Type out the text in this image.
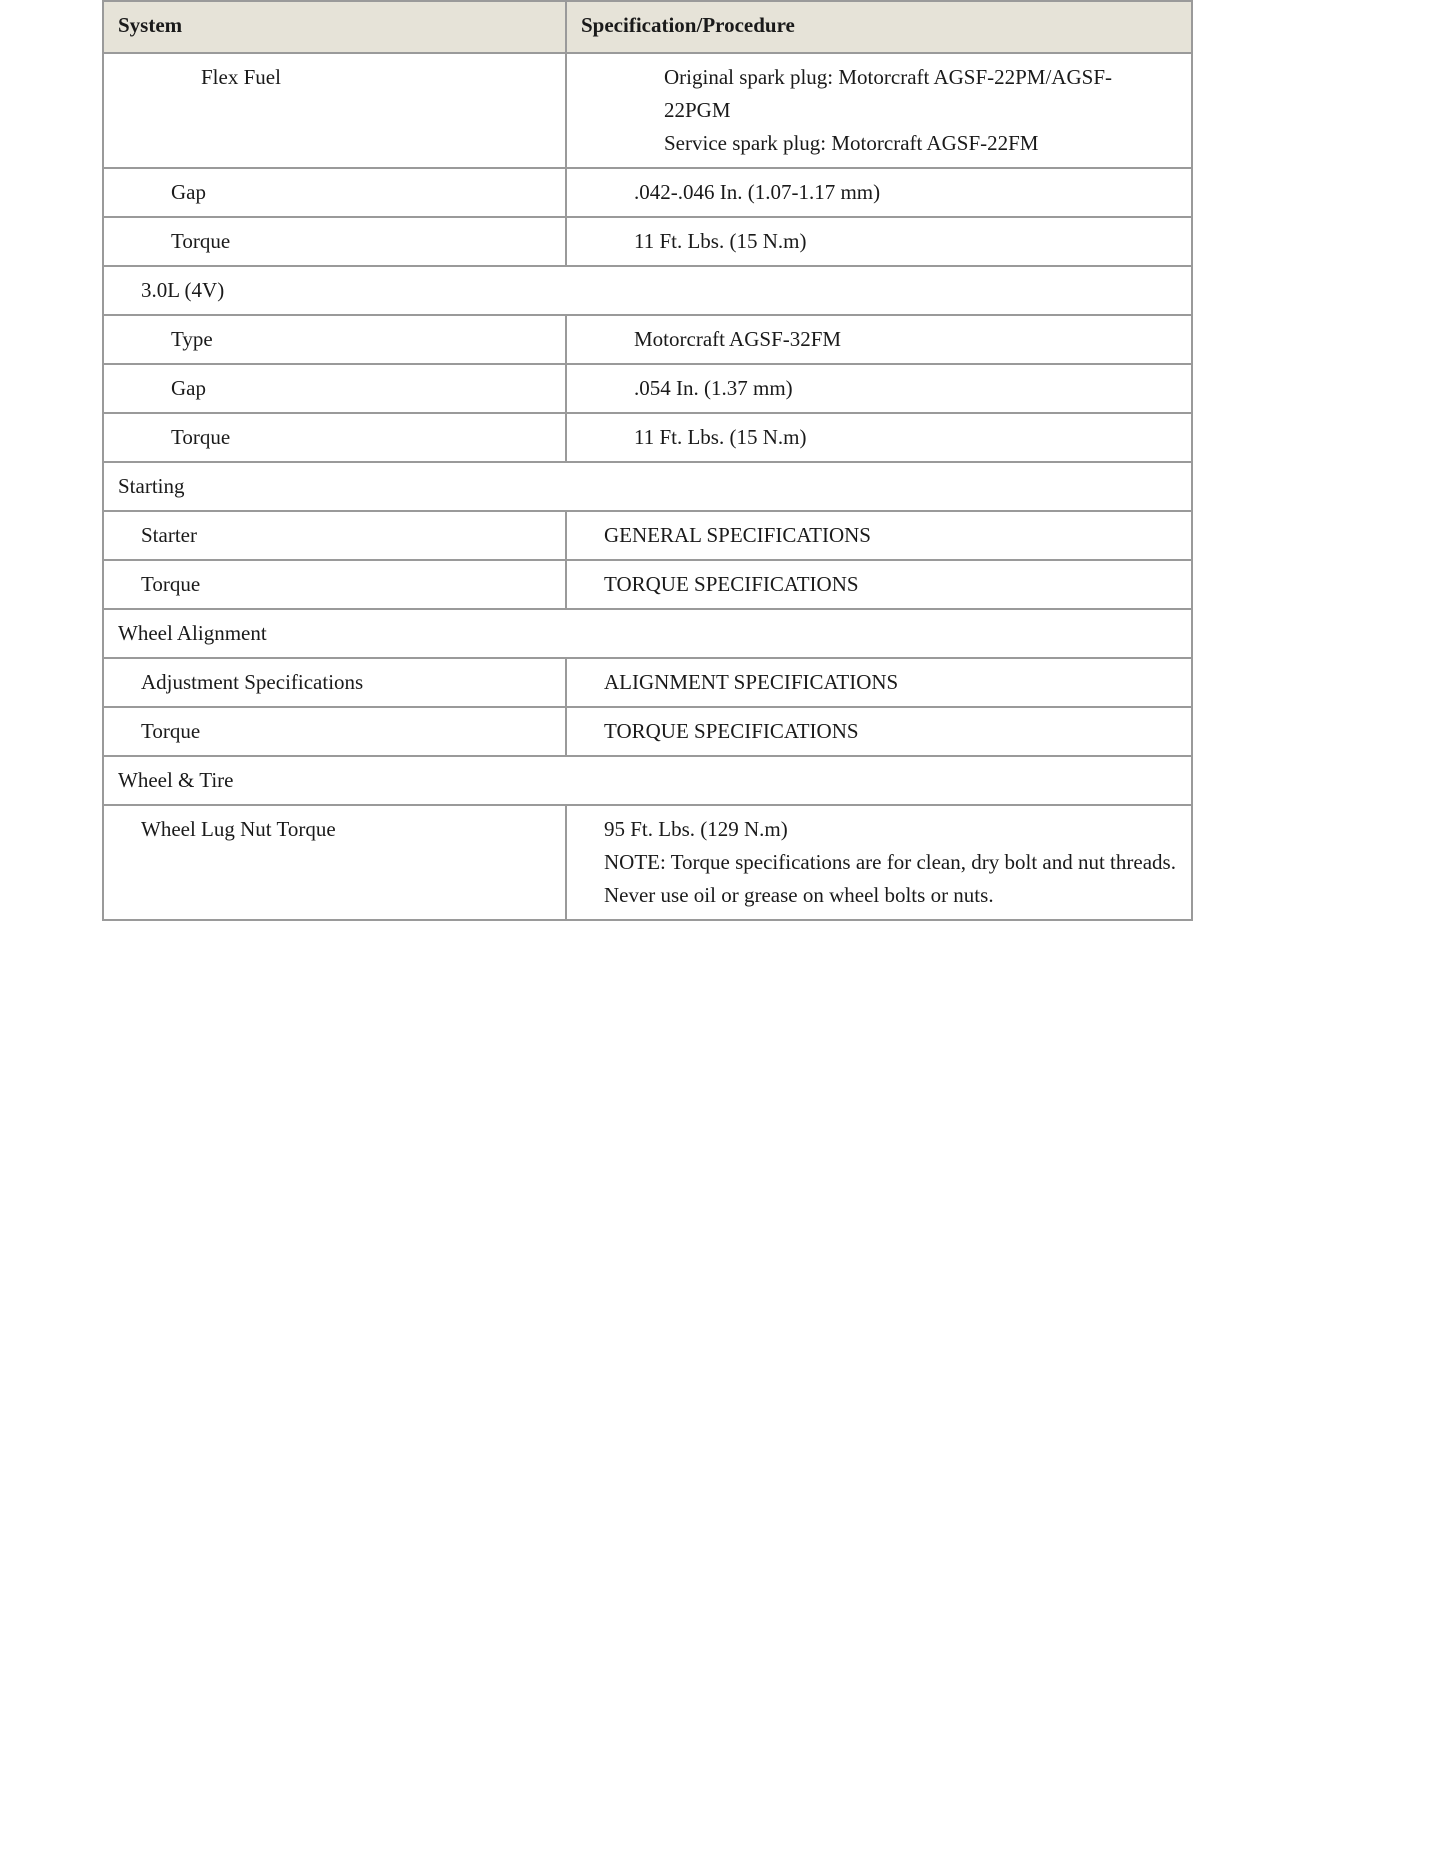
System	Specification/Procedure
Flex Fuel	Original spark plug: Motorcraft AGSF-22PM/AGSF-22PGM
Service spark plug: Motorcraft AGSF-22FM

Gap	.042-.046 In. (1.07-1.17 mm)
Torque	11 Ft. Lbs. (15 N.m)
3.0L (4V)	
Type	Motorcraft AGSF-32FM
Gap	.054 In. (1.37 mm)
Torque	11 Ft. Lbs. (15 N.m)
Starting	
Starter	GENERAL SPECIFICATIONS
Torque	TORQUE SPECIFICATIONS
Wheel Alignment	
Adjustment Specifications	ALIGNMENT SPECIFICATIONS
Torque	TORQUE SPECIFICATIONS
Wheel & Tire	
Wheel Lug Nut Torque	95 Ft. Lbs. (129 N.m)
NOTE: Torque specifications are for clean, dry bolt and nut threads. Never use oil or grease on wheel bolts or nuts.
